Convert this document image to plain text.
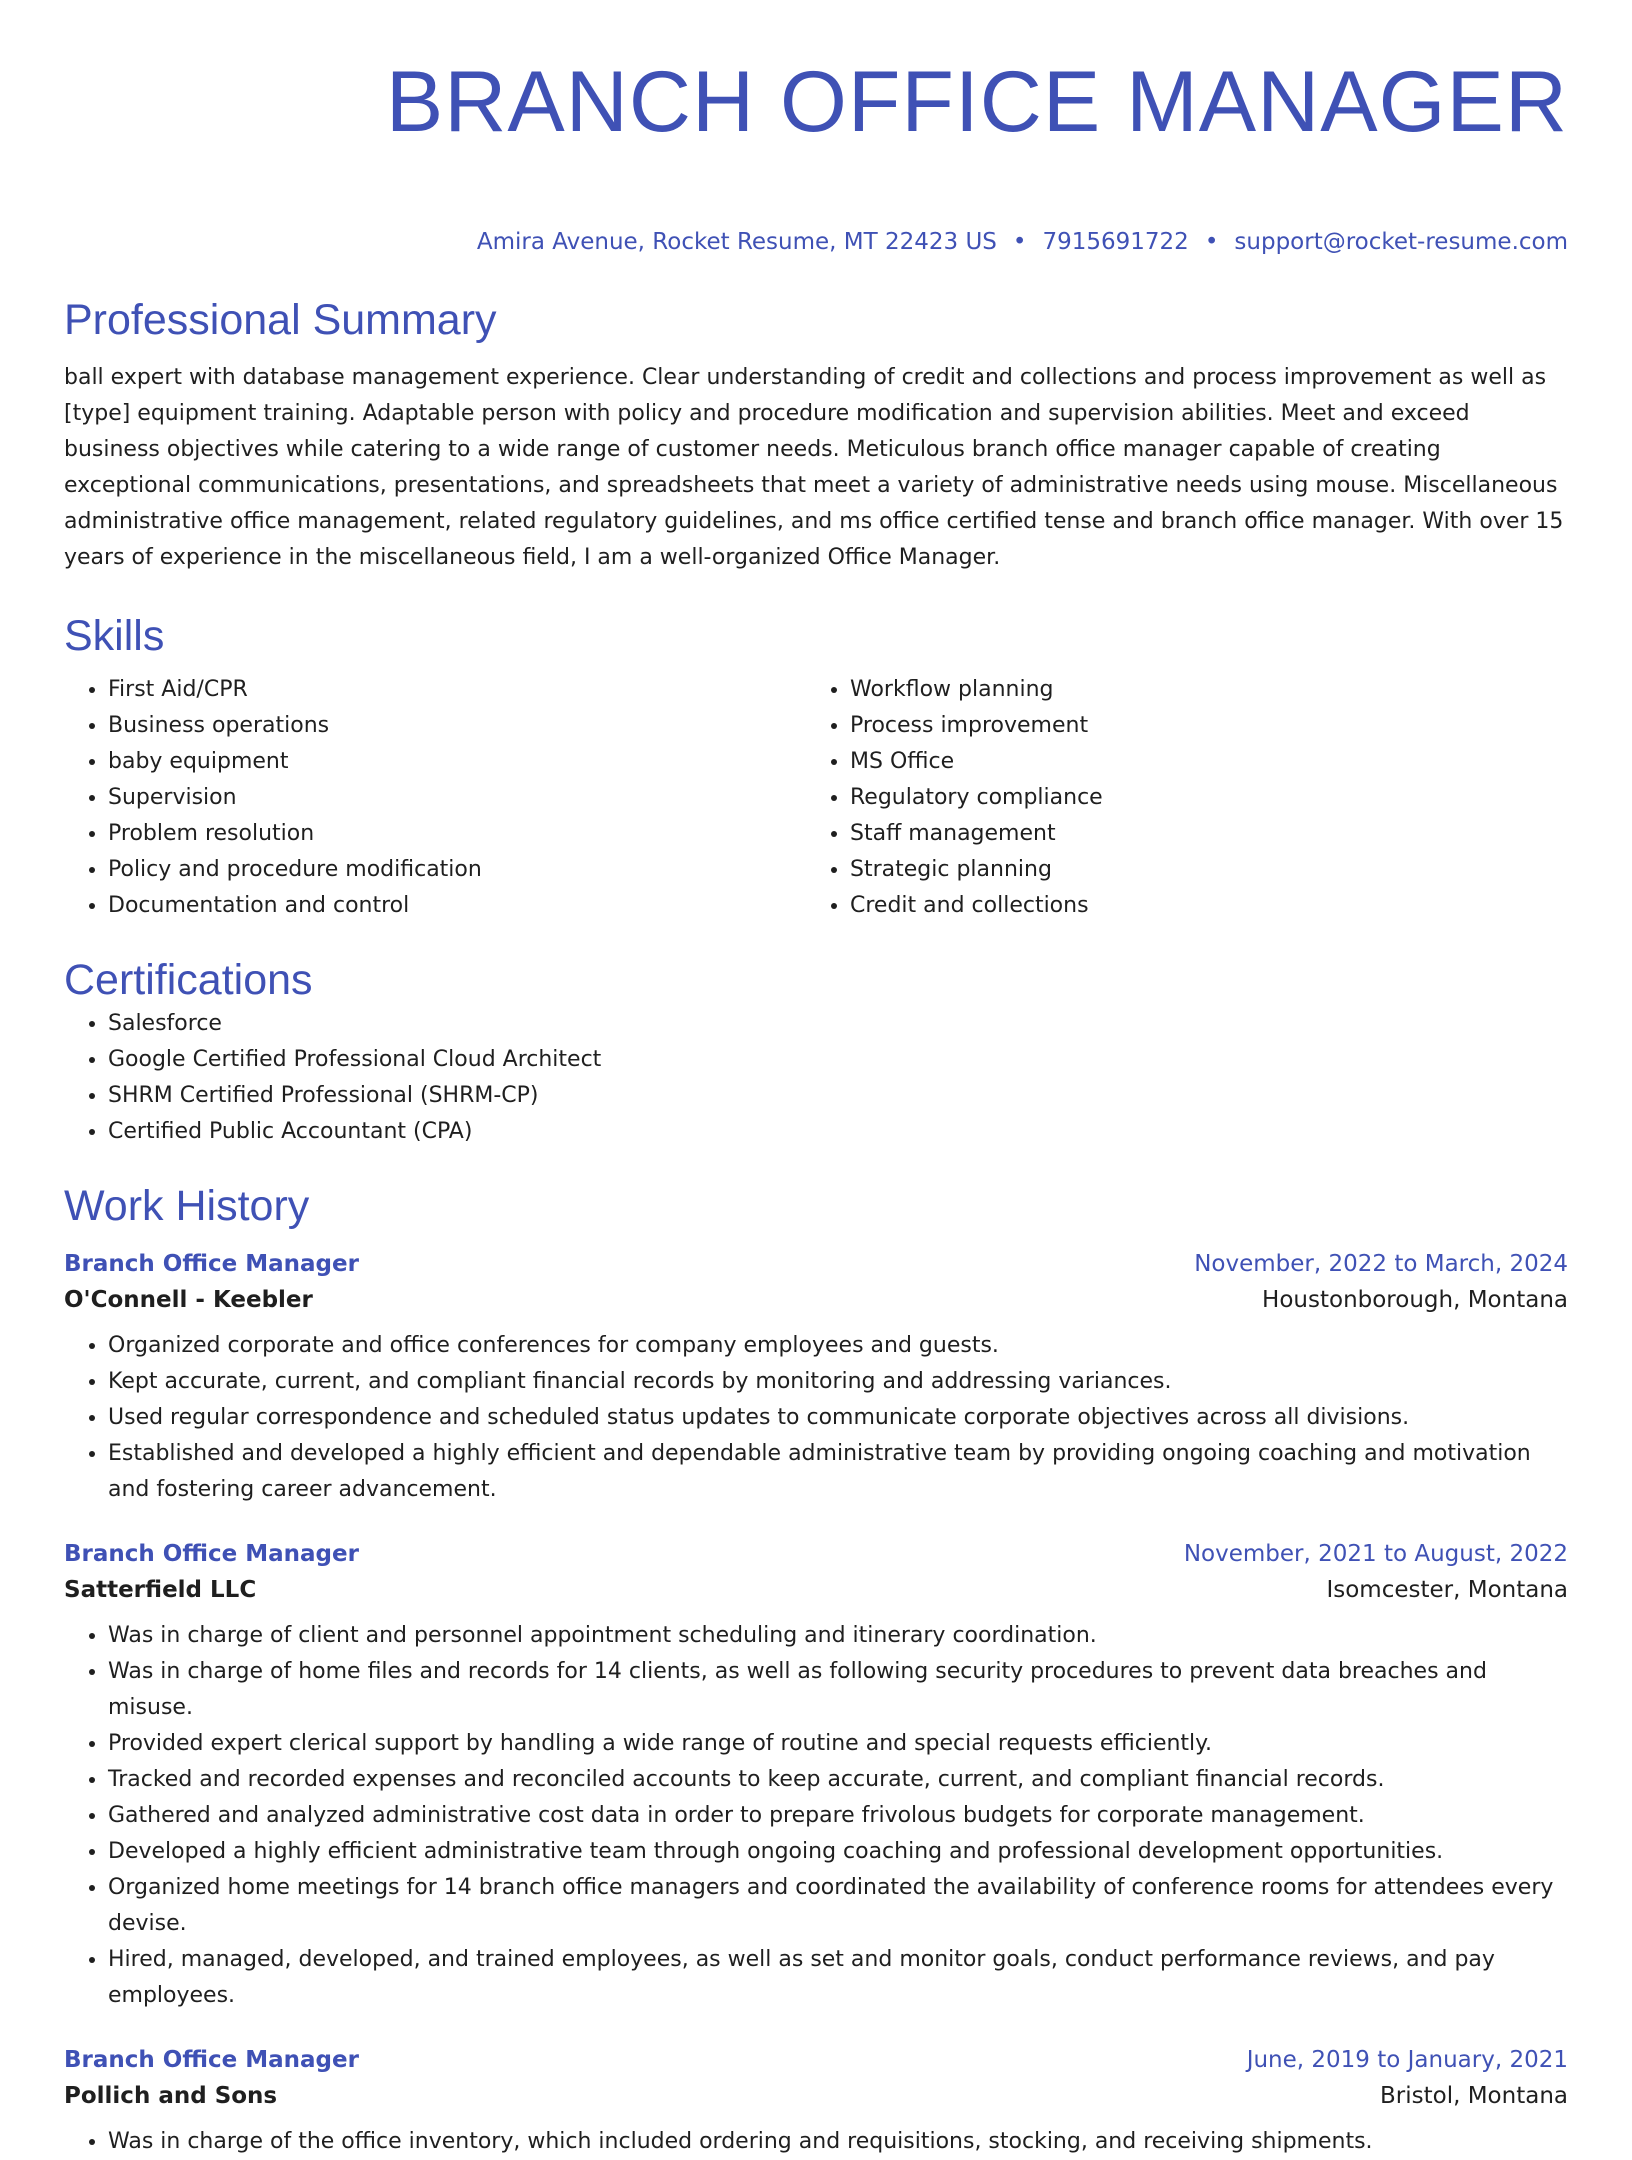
BRANCH OFFICE MANAGER
Amira Avenue, Rocket Resume, MT 22423 US • 7915691722 • support@rocket-resume.com
Professional Summary

ball expert with database management experience. Clear understanding of credit and collections and process improvement as well as [type] equipment training. Adaptable person with policy and procedure modification and supervision abilities. Meet and exceed business objectives while catering to a wide range of customer needs. Meticulous branch office manager capable of creating exceptional communications, presentations, and spreadsheets that meet a variety of administrative needs using mouse. Miscellaneous administrative office management, related regulatory guidelines, and ms office certified tense and branch office manager. With over 15 years of experience in the miscellaneous field, I am a well-organized Office Manager.

Skills
• First Aid/CPR
• Business operations
• baby equipment
• Supervision
• Problem resolution
• Policy and procedure modification
• Documentation and control
• Workflow planning
• Process improvement
• MS Office
• Regulatory compliance
• Staff management
• Strategic planning
• Credit and collections
Certifications
• Salesforce
• Google Certified Professional Cloud Architect
• SHRM Certified Professional (SHRM-CP)
• Certified Public Accountant (CPA)
Work History
Branch Office Manager	November, 2022 to March, 2024
O'Connell - Keebler	Houstonborough, Montana
• Organized corporate and office conferences for company employees and guests.
• Kept accurate, current, and compliant financial records by monitoring and addressing variances.
• Used regular correspondence and scheduled status updates to communicate corporate objectives across all divisions.
• Established and developed a highly efficient and dependable administrative team by providing ongoing coaching and motivation and fostering career advancement.
Branch Office Manager	November, 2021 to August, 2022
Satterfield LLC	Isomcester, Montana
• Was in charge of client and personnel appointment scheduling and itinerary coordination.
• Was in charge of home files and records for 14 clients, as well as following security procedures to prevent data breaches and misuse.
• Provided expert clerical support by handling a wide range of routine and special requests efficiently.
• Tracked and recorded expenses and reconciled accounts to keep accurate, current, and compliant financial records.
• Gathered and analyzed administrative cost data in order to prepare frivolous budgets for corporate management.
• Developed a highly efficient administrative team through ongoing coaching and professional development opportunities.
• Organized home meetings for 14 branch office managers and coordinated the availability of conference rooms for attendees every devise.
• Hired, managed, developed, and trained employees, as well as set and monitor goals, conduct performance reviews, and pay employees.
Branch Office Manager	June, 2019 to January, 2021
Pollich and Sons	Bristol, Montana
• Was in charge of the office inventory, which included ordering and requisitions, stocking, and receiving shipments.
